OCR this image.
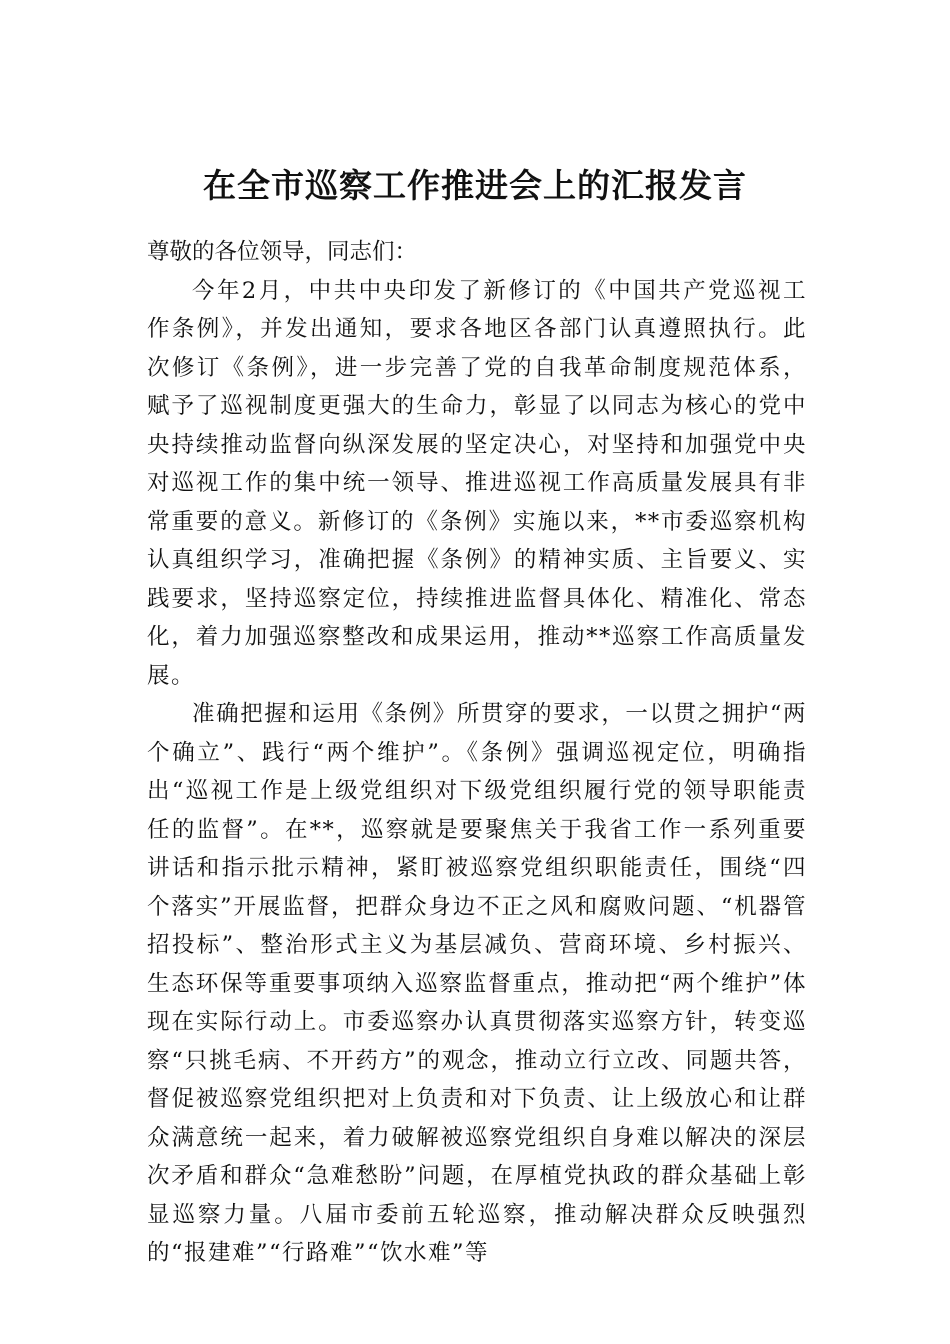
在全市巡察工作推进会上的汇报发言

尊敬的各位领导，同志们：

今年2月，中共中央印发了新修订的《中国共产党巡视工作条例》，并发出通知，要求各地区各部门认真遵照执行。此次修订《条例》，进一步完善了党的自我革命制度规范体系，赋予了巡视制度更强大的生命力，彰显了以同志为核心的党中央持续推动监督向纵深发展的坚定决心，对坚持和加强党中央对巡视工作的集中统一领导、推进巡视工作高质量发展具有非常重要的意义。新修订的《条例》实施以来，**市委巡察机构认真组织学习，准确把握《条例》的精神实质、主旨要义、实践要求，坚持巡察定位，持续推进监督具体化、精准化、常态化，着力加强巡察整改和成果运用，推动**巡察工作高质量发展。

准确把握和运用《条例》所贯穿的要求，一以贯之拥护“两个确立”、践行“两个维护”。《条例》强调巡视定位，明确指出“巡视工作是上级党组织对下级党组织履行党的领导职能责任的监督”。在**，巡察就是要聚焦关于我省工作一系列重要讲话和指示批示精神，紧盯被巡察党组织职能责任，围绕“四个落实”开展监督，把群众身边不正之风和腐败问题、“机器管招投标”、整治形式主义为基层减负、营商环境、乡村振兴、生态环保等重要事项纳入巡察监督重点，推动把“两个维护”体现在实际行动上。市委巡察办认真贯彻落实巡察方针，转变巡察“只挑毛病、不开药方”的观念，推动立行立改、同题共答，督促被巡察党组织把对上负责和对下负责、让上级放心和让群众满意统一起来，着力破解被巡察党组织自身难以解决的深层次矛盾和群众“急难愁盼”问题，在厚植党执政的群众基础上彰显巡察力量。八届市委前五轮巡察，推动解决群众反映强烈的“报建难”“行路难”“饮水难”等
